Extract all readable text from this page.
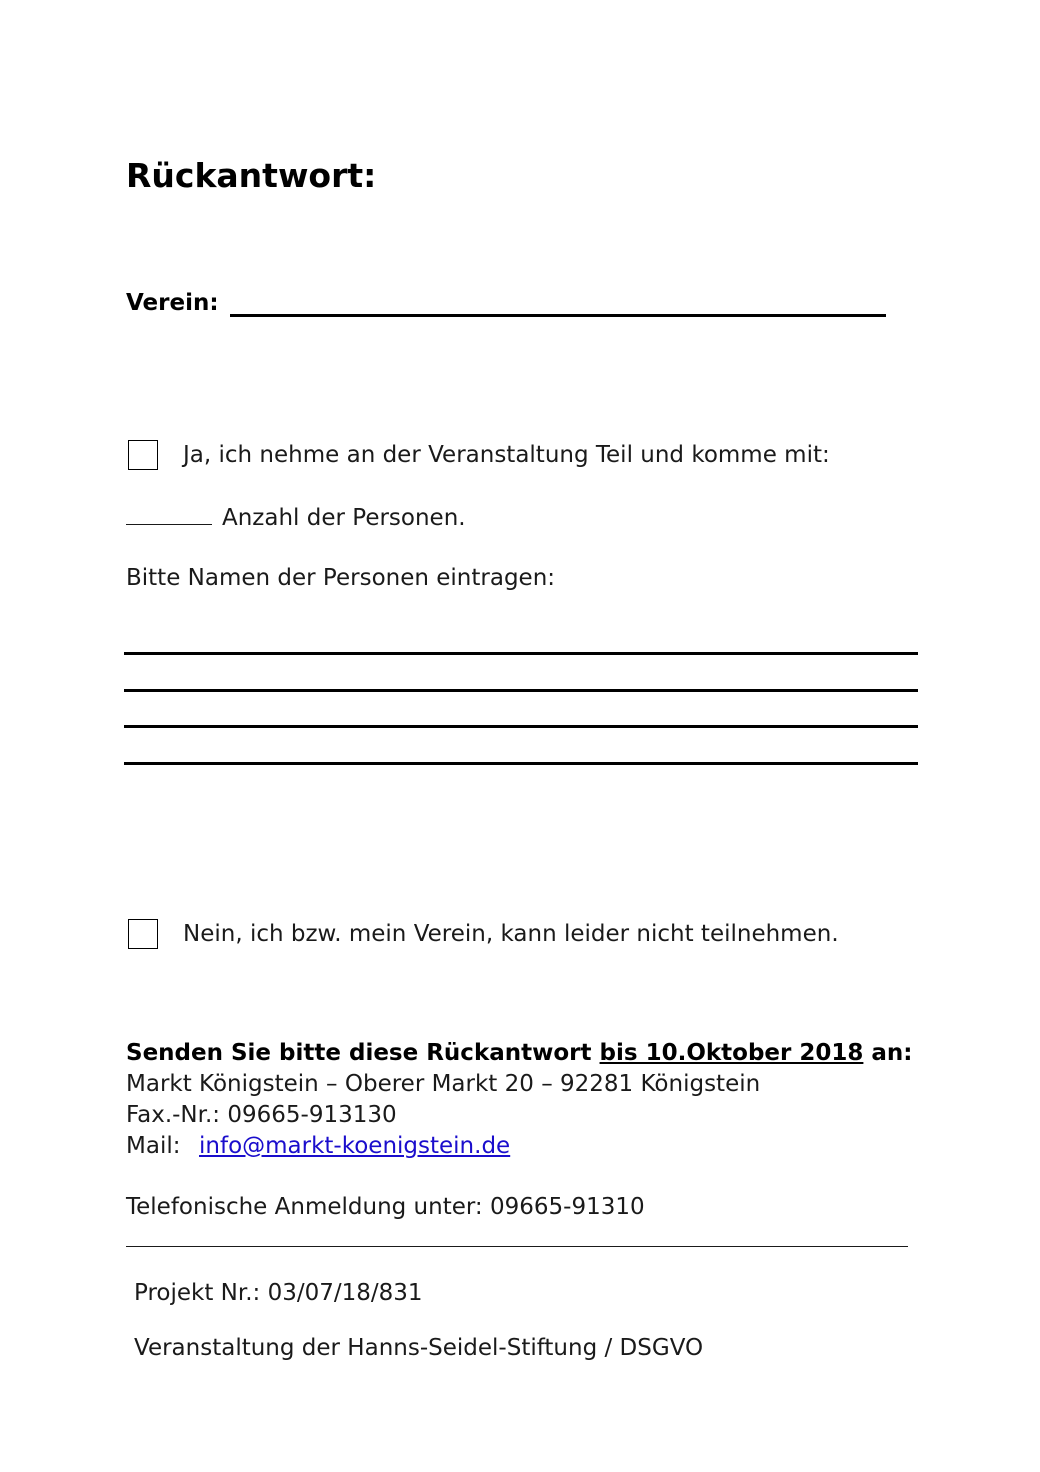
Rückantwort:
Verein:
Ja, ich nehme an der Veranstaltung Teil und komme mit:
Anzahl der Personen.
Bitte Namen der Personen eintragen:
Nein, ich bzw. mein Verein, kann leider nicht teilnehmen.
Senden Sie bitte diese Rückantwort bis 10.Oktober 2018 an:
Markt Königstein – Oberer Markt 20 – 92281 Königstein
Fax.-Nr.: 09665-913130
Mail: info@markt-koenigstein.de
Telefonische Anmeldung unter: 09665-91310
Projekt Nr.: 03/07/18/831
Veranstaltung der Hanns-Seidel-Stiftung / DSGVO
